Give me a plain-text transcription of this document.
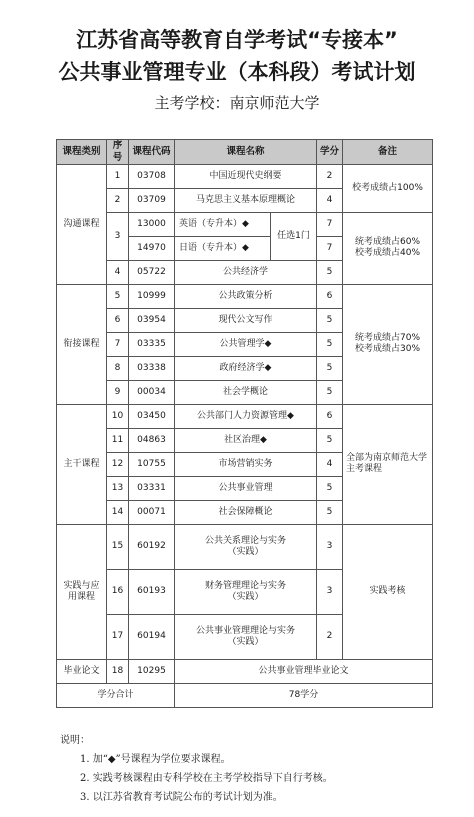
江苏省高等教育自学考试“专接本”
公共事业管理专业（本科段）考试计划
主考学校：南京师范大学
课程类别	序号	课程代码	课程名称		学分	备注
沟通课程	1	03708	中国近现代史纲要		2	校考成绩占100%
	2	03709	马克思主义基本原理概论		4	
	3	13000	英语（专升本）◆	任选1门	7	统考成绩占60%
校考成绩占40%

		14970	日语（专升本）◆		7	
	4	05722	公共经济学		5	
衔接课程	5	10999	公共政策分析		6	统考成绩占70%
校考成绩占30%

	6	03954	现代公文写作		5	
	7	03335	公共管理学◆		5	
	8	03338	政府经济学◆		5	
	9	00034	社会学概论		5	
主干课程	10	03450	公共部门人力资源管理◆		6	全部为南京师范大学主考课程
	11	04863	社区治理◆		5	
	12	10755	市场营销实务		4	
	13	03331	公共事业管理		5	
	14	00071	社会保障概论		5	
实践与应用课程	15	60192	公共关系理论与实务
（实践）		3	实践考核
	16	60193	财务管理理论与实务
（实践）		3	
	17	60194	公共事业管理理论与实务
（实践）		2	
毕业论文	18	10295	公共事业管理毕业论文			
学分合计			78学分			
说明：
1. 加“◆”号课程为学位要求课程。
2. 实践考核课程由专科学校在主考学校指导下自行考核。
3. 以江苏省教育考试院公布的考试计划为准。
